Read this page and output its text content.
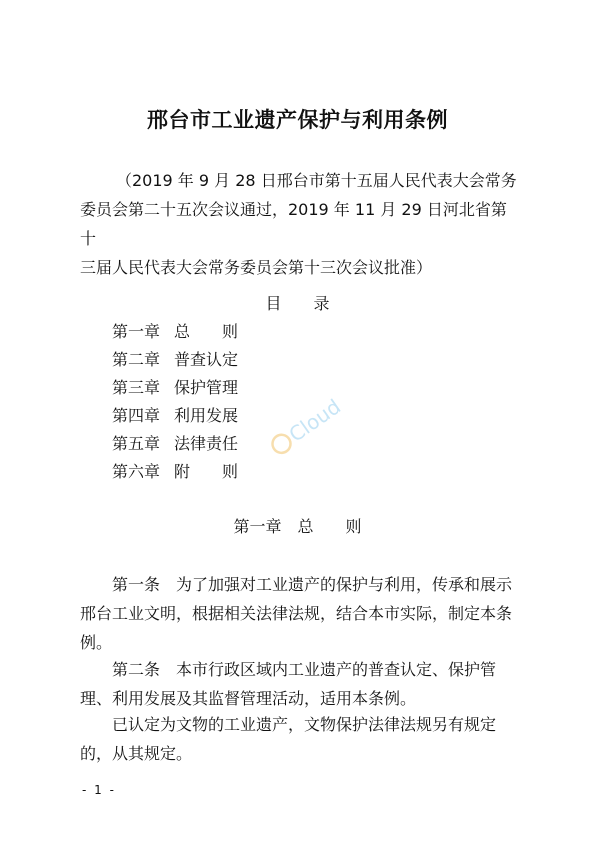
邢台市工业遗产保护与利用条例
（2019 年 9 月 28 日邢台市第十五届人民代表大会常务
委员会第二十五次会议通过，2019 年 11 月 29 日河北省第十
三届人民代表大会常务委员会第十三次会议批准）
目　　录
第一章 总　　则
第二章 普查认定
第三章 保护管理
第四章 利用发展
第五章 法律责任
第六章 附　　则
第一章　总　　则
第一条　为了加强对工业遗产的保护与利用，传承和展示邢台工业文明，根据相关法律法规，结合本市实际，制定本条例。
第二条　本市行政区域内工业遗产的普查认定、保护管理、利用发展及其监督管理活动，适用本条例。
已认定为文物的工业遗产，文物保护法律法规另有规定的，从其规定。
- 1 -
Cloud
